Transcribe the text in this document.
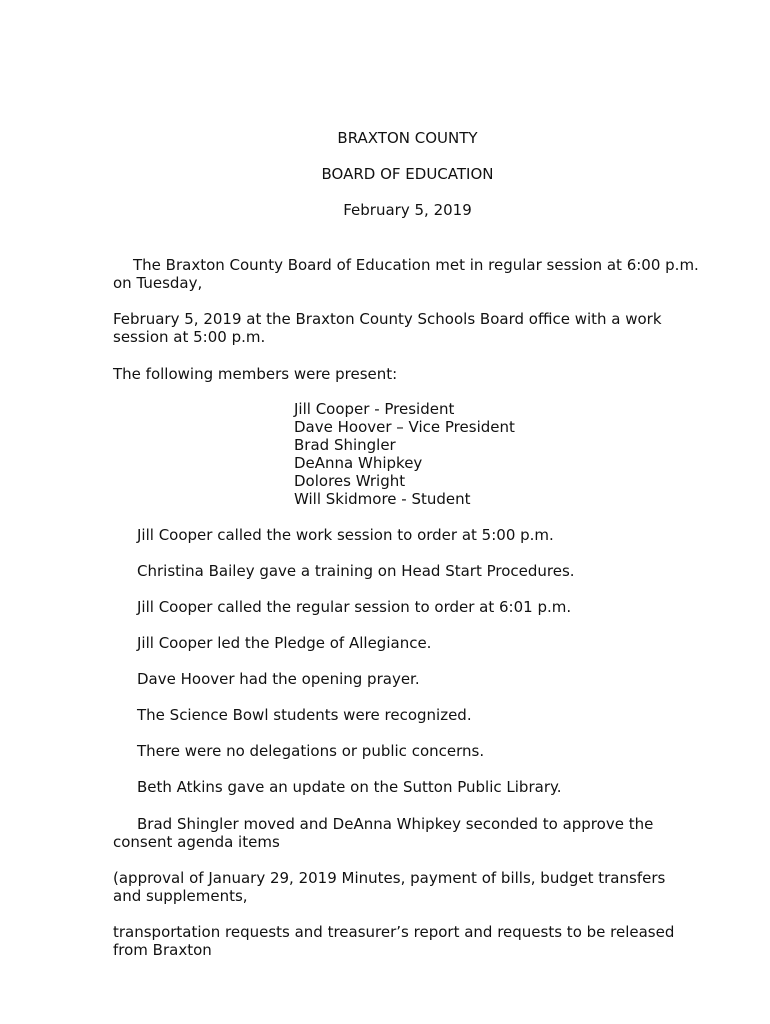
BRAXTON COUNTY
BOARD OF EDUCATION
February 5, 2019
The Braxton County Board of Education met in regular session at 6:00 p.m.
on Tuesday,
February 5, 2019 at the Braxton County Schools Board office with a work
session at 5:00 p.m.
The following members were present:
Jill Cooper - President
Dave Hoover – Vice President
Brad Shingler
DeAnna Whipkey
Dolores Wright
Will Skidmore - Student
Jill Cooper called the work session to order at 5:00 p.m.
Christina Bailey gave a training on Head Start Procedures.
Jill Cooper called the regular session to order at 6:01 p.m.
Jill Cooper led the Pledge of Allegiance.
Dave Hoover had the opening prayer.
The Science Bowl students were recognized.
There were no delegations or public concerns.
Beth Atkins gave an update on the Sutton Public Library.
Brad Shingler moved and DeAnna Whipkey seconded to approve the
consent agenda items
(approval of January 29, 2019 Minutes, payment of bills, budget transfers
and supplements,
transportation requests and treasurer’s report and requests to be released
from Braxton
